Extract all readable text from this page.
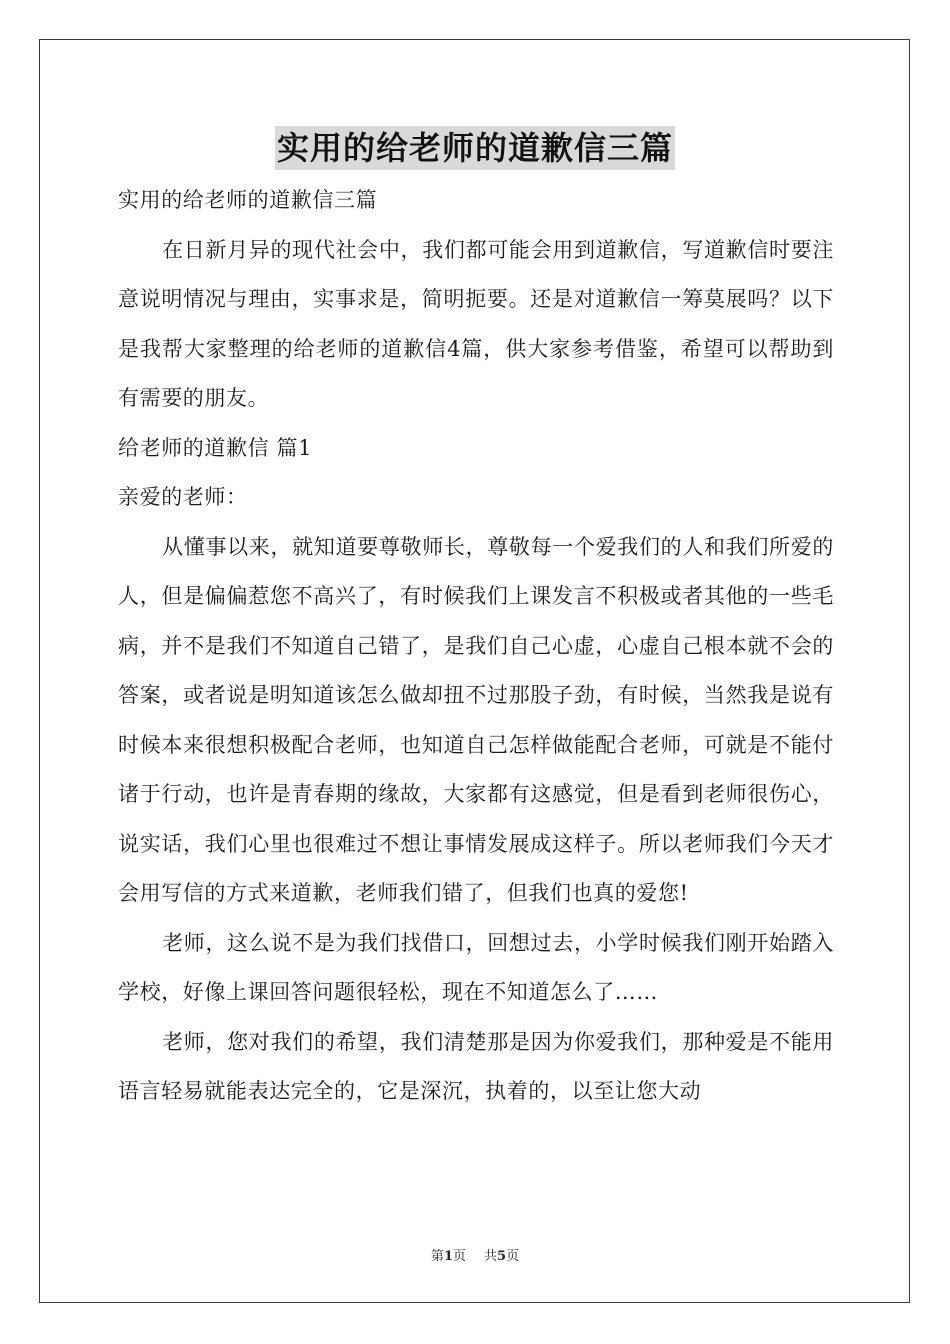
实用的给老师的道歉信三篇

实用的给老师的道歉信三篇

在日新月异的现代社会中，我们都可能会用到道歉信，写道歉信时要注意说明情况与理由，实事求是，简明扼要。还是对道歉信一筹莫展吗？以下是我帮大家整理的给老师的道歉信4篇，供大家参考借鉴，希望可以帮助到有需要的朋友。

给老师的道歉信 篇1

亲爱的老师：

从懂事以来，就知道要尊敬师长，尊敬每一个爱我们的人和我们所爱的人，但是偏偏惹您不高兴了，有时候我们上课发言不积极或者其他的一些毛病，并不是我们不知道自己错了，是我们自己心虚，心虚自己根本就不会的答案，或者说是明知道该怎么做却扭不过那股子劲，有时候，当然我是说有时候本来很想积极配合老师，也知道自己怎样做能配合老师，可就是不能付诸于行动，也许是青春期的缘故，大家都有这感觉，但是看到老师很伤心，说实话，我们心里也很难过不想让事情发展成这样子。所以老师我们今天才会用写信的方式来道歉，老师我们错了，但我们也真的爱您!

老师，这么说不是为我们找借口，回想过去，小学时候我们刚开始踏入学校，好像上课回答问题很轻松，现在不知道怎么了……

老师，您对我们的希望，我们清楚那是因为你爱我们，那种爱是不能用语言轻易就能表达完全的，它是深沉，执着的，以至让您大动

第1页 共5页
